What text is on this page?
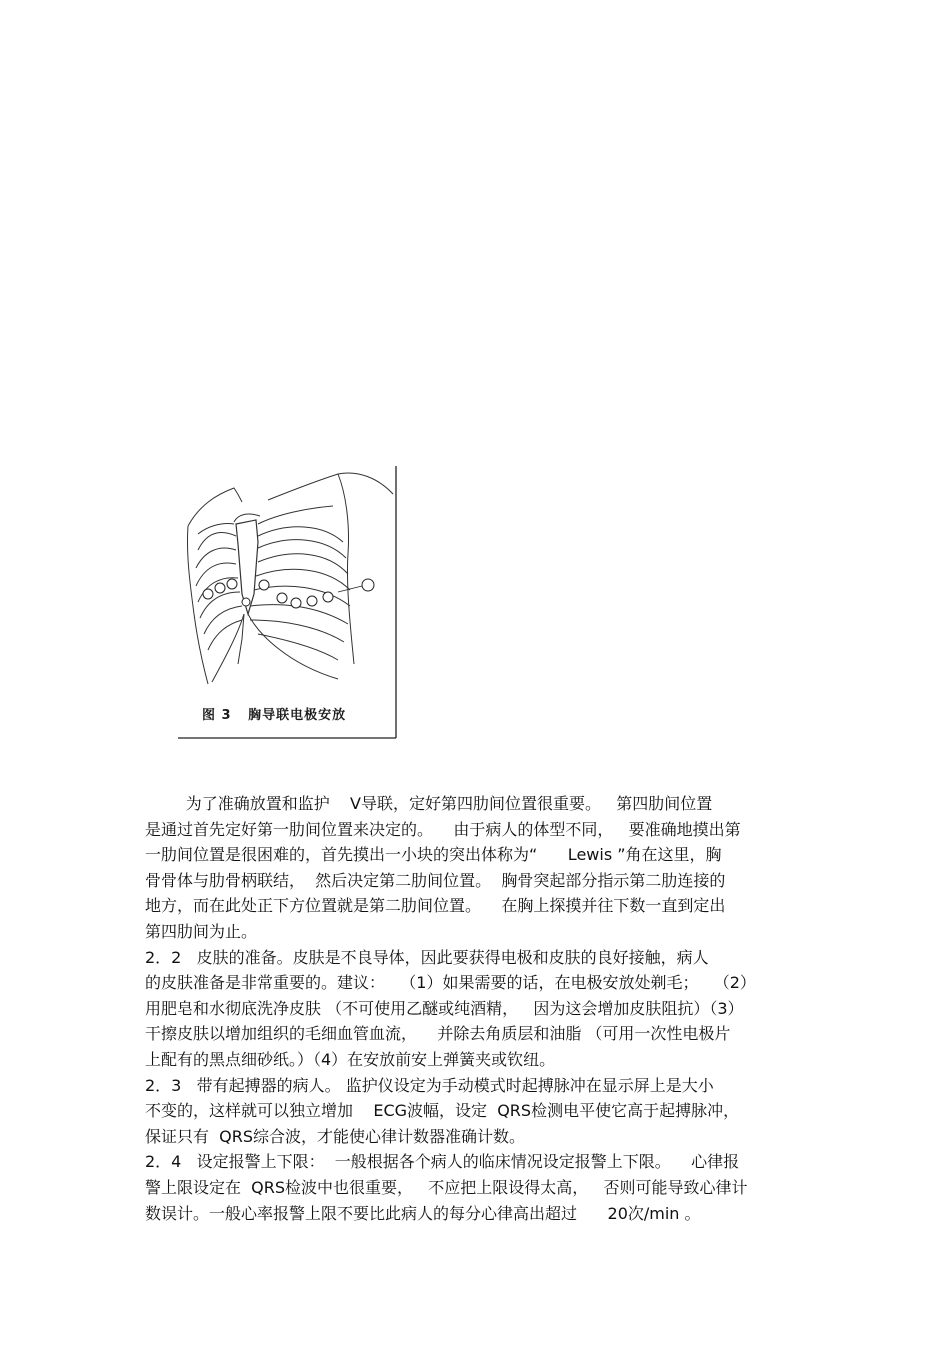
图 3   胸导联电极安放
为了准确放置和监护    V导联，定好第四肋间位置很重要。   第四肋间位置
是通过首先定好第一肋间位置来决定的。    由于病人的体型不同，   要准确地摸出第
一肋间位置是很困难的，首先摸出一小块的突出体称为“      Lewis ”角在这里，胸
骨骨体与肋骨柄联结，  然后决定第二肋间位置。  胸骨突起部分指示第二肋连接的
地方，而在此处正下方位置就是第二肋间位置。    在胸上探摸并往下数一直到定出
第四肋间为止。
2．2   皮肤的准备。皮肤是不良导体，因此要获得电极和皮肤的良好接触，病人
的皮肤准备是非常重要的。建议：   （1）如果需要的话，在电极安放处剃毛；   （2）
用肥皂和水彻底洗净皮肤 （不可使用乙醚或纯酒精，   因为这会增加皮肤阻抗）（3）
干擦皮肤以增加组织的毛细血管血流，    并除去角质层和油脂 （可用一次性电极片
上配有的黑点细砂纸。）（4）在安放前安上弹簧夹或钦纽。
2．3   带有起搏器的病人。 监护仪设定为手动模式时起搏脉冲在显示屏上是大小
不变的，这样就可以独立增加    ECG波幅，设定  QRS检测电平使它高于起搏脉冲，
保证只有  QRS综合波，才能使心律计数器准确计数。
2．4   设定报警上下限：  一般根据各个病人的临床情况设定报警上下限。    心律报
警上限设定在  QRS检波中也很重要，   不应把上限设得太高，   否则可能导致心律计
数误计。一般心率报警上限不要比此病人的每分心律高出超过      20次/min 。
